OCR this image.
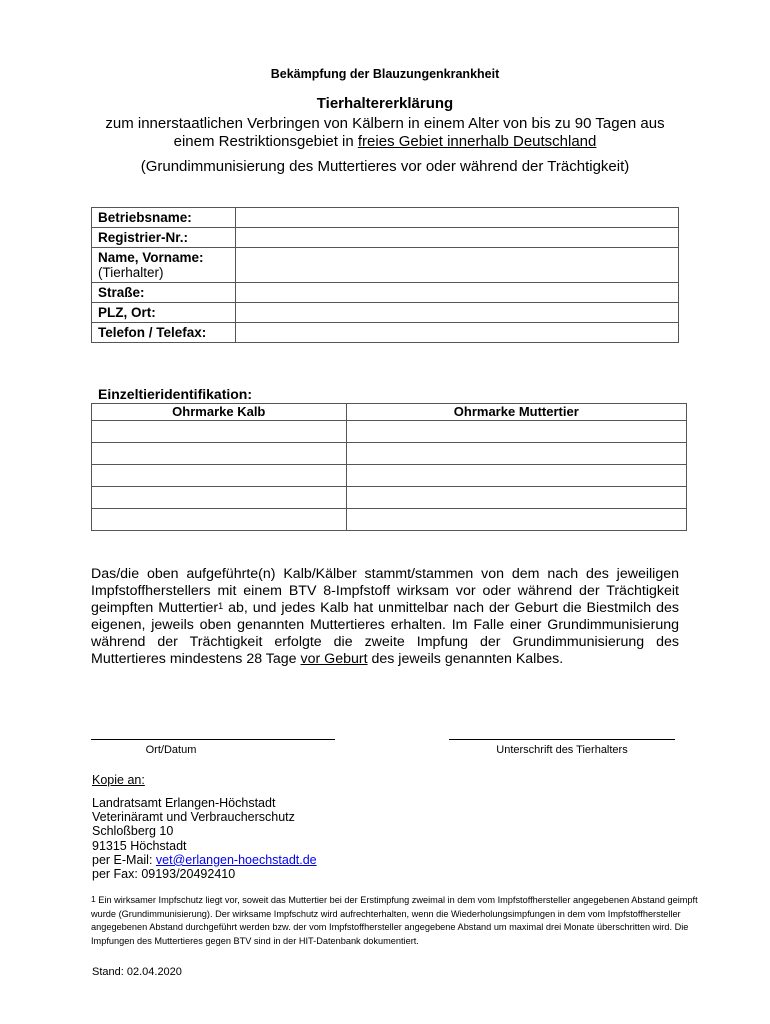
Bekämpfung der Blauzungenkrankheit
Tierhaltererklärung
zum innerstaatlichen Verbringen von Kälbern in einem Alter von bis zu 90 Tagen aus
einem Restriktionsgebiet in freies Gebiet innerhalb Deutschland
(Grundimmunisierung des Muttertieres vor oder während der Trächtigkeit)
Betriebsname:	
Registrier-Nr.:	
Name, Vorname:
(Tierhalter)	
Straße:	
PLZ, Ort:	
Telefon / Telefax:	
Einzeltieridentifikation:
Ohrmarke Kalb	Ohrmarke Muttertier

Das/die oben aufgeführte(n) Kalb/Kälber stammt/stammen von dem nach des jeweiligen Impfstoffherstellers mit einem BTV 8-Impfstoff wirksam vor oder während der Trächtigkeit geimpften Muttertier$^1$ ab, und jedes Kalb hat unmittelbar nach der Geburt die Biestmilch des eigenen, jeweils oben genannten Muttertieres erhalten. Im Falle einer Grundimmunisierung während der Trächtigkeit erfolgte die zweite Impfung der Grundimmunisierung des Muttertieres mindestens 28 Tage vor Geburt des jeweils genannten Kalbes.
Ort/Datum	Unterschrift des Tierhalters
Kopie an:
Landratsamt Erlangen-Höchstadt
Veterinäramt und Verbraucherschutz
Schloßberg 10
91315 Höchstadt
per E-Mail: vet@erlangen-hoechstadt.de
per Fax: 09193/20492410
$^1$ Ein wirksamer Impfschutz liegt vor, soweit das Muttertier bei der Erstimpfung zweimal in dem vom Impfstoffhersteller angegebenen Abstand geimpft wurde (Grundimmunisierung). Der wirksame Impfschutz wird aufrechterhalten, wenn die Wiederholungsimpfungen in dem vom Impfstoffhersteller angegebenen Abstand durchgeführt werden bzw. der vom Impfstoffhersteller angegebene Abstand um maximal drei Monate überschritten wird. Die Impfungen des Muttertieres gegen BTV sind in der HIT-Datenbank dokumentiert.
Stand: 02.04.2020
